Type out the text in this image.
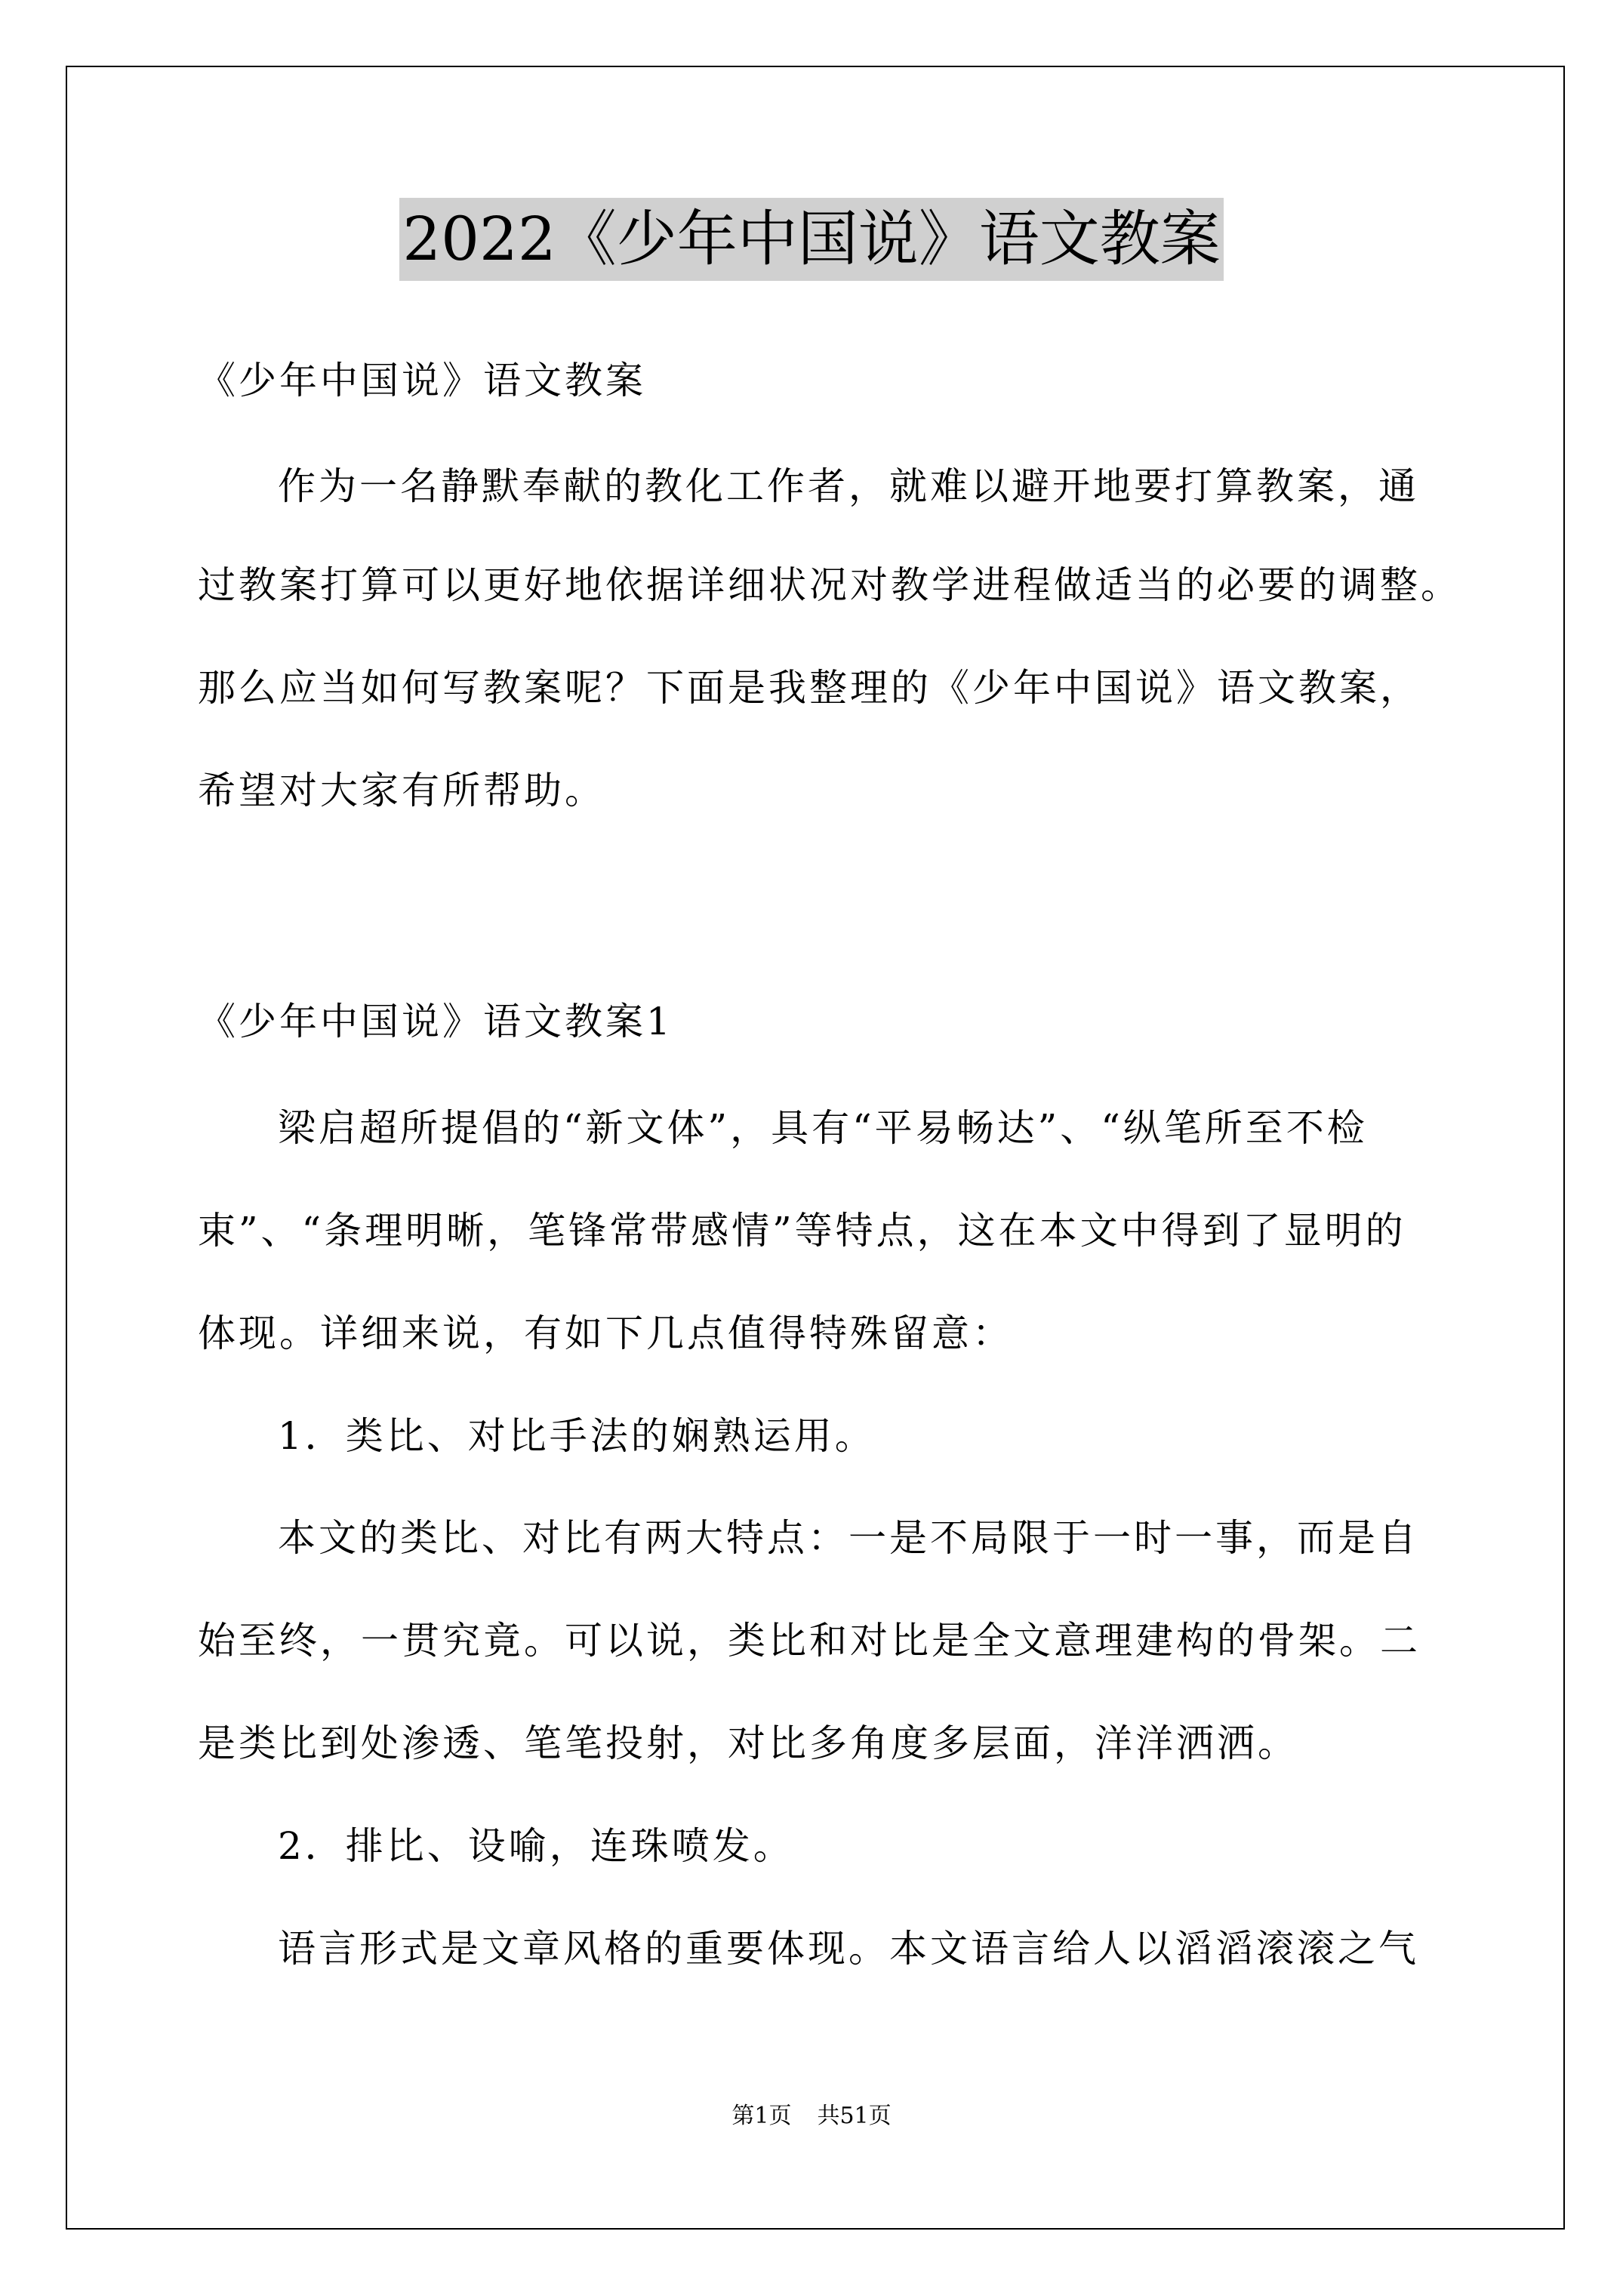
2022《少年中国说》语文教案
《少年中国说》语文教案
作为一名静默奉献的教化工作者，就难以避开地要打算教案，通
过教案打算可以更好地依据详细状况对教学进程做适当的必要的调整。
那么应当如何写教案呢？下面是我整理的《少年中国说》语文教案，
希望对大家有所帮助。
《少年中国说》语文教案1
梁启超所提倡的“新文体”，具有“平易畅达”、“纵笔所至不检
束”、“条理明晰，笔锋常带感情”等特点，这在本文中得到了显明的
体现。详细来说，有如下几点值得特殊留意：
1．类比、对比手法的娴熟运用。
本文的类比、对比有两大特点：一是不局限于一时一事，而是自
始至终，一贯究竟。可以说，类比和对比是全文意理建构的骨架。二
是类比到处渗透、笔笔投射，对比多角度多层面，洋洋洒洒。
2．排比、设喻，连珠喷发。
语言形式是文章风格的重要体现。本文语言给人以滔滔滚滚之气
第1页 共51页
